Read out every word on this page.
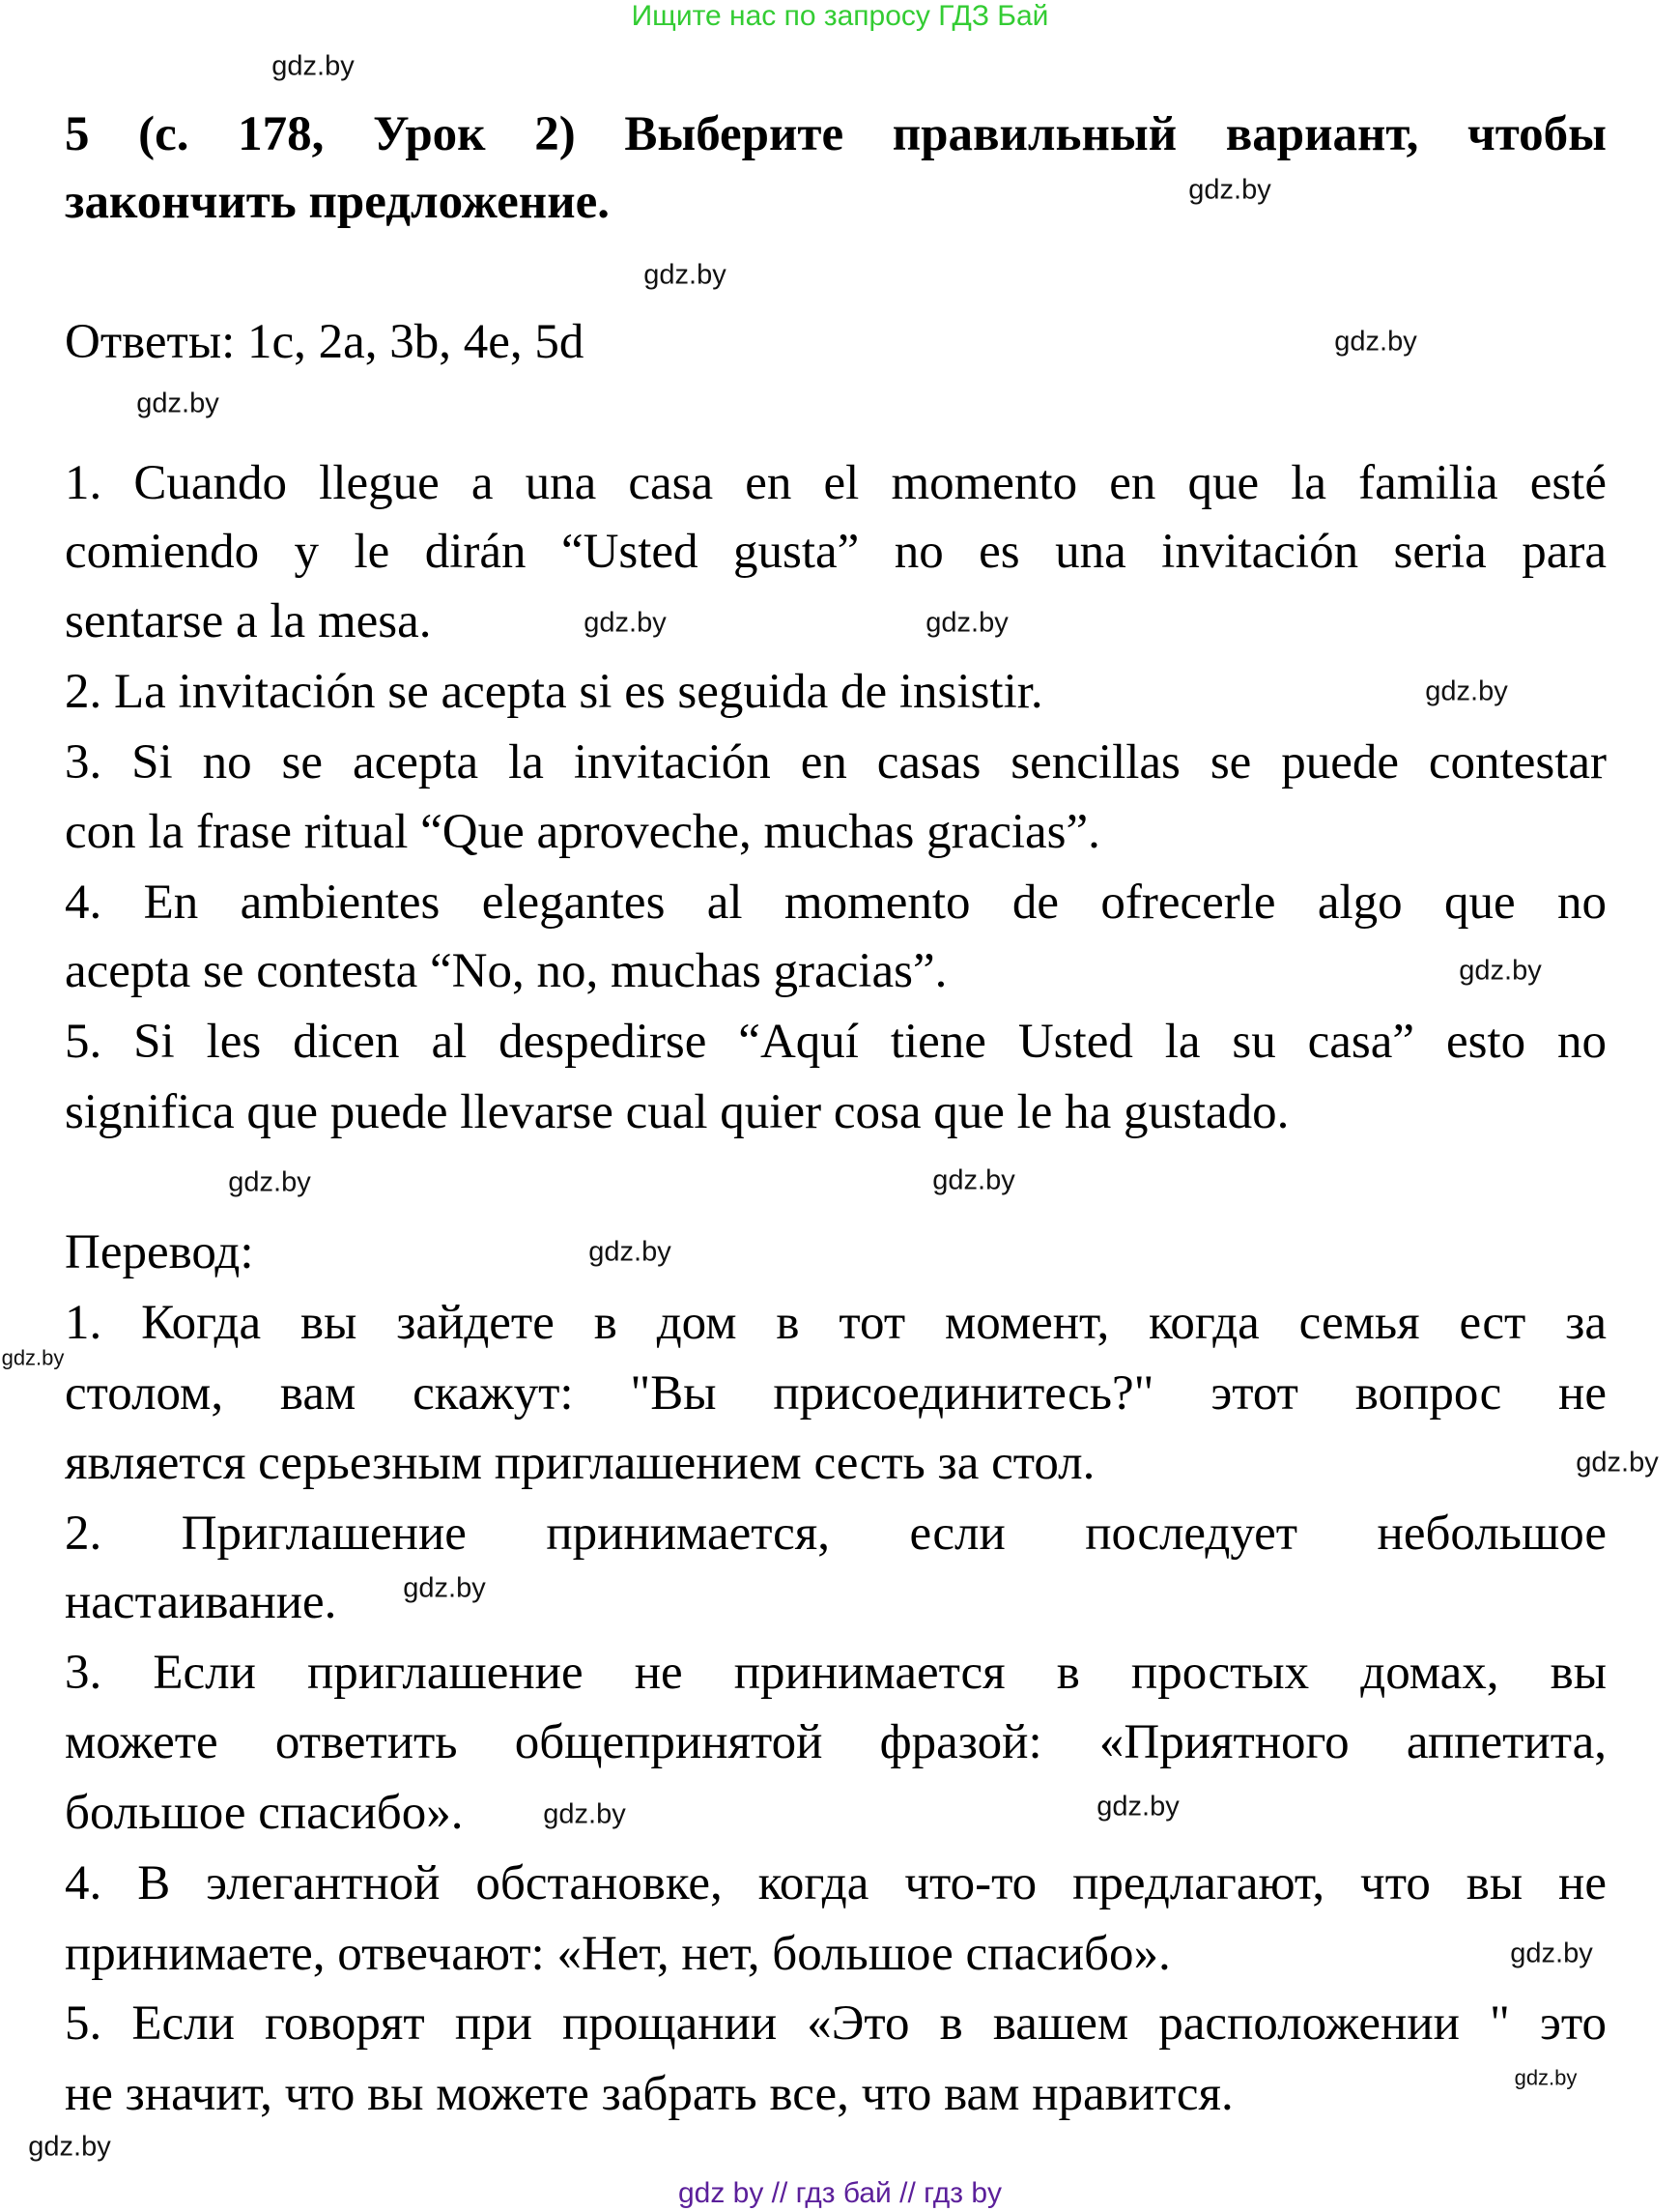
Ищите нас по запросу ГДЗ Бай
5 (с. 178, Урок 2) Выберите правильный вариант, чтобы
закончить предложение.
Ответы: 1c, 2a, 3b, 4e, 5d
1. Cuando llegue a una casa en el momento en que la familia esté
comiendo y le dirán “Usted gusta” no es una invitación seria para
sentarse a la mesa.
2. La invitación se acepta si es seguida de insistir.
3. Si no se acepta la invitación en casas sencillas se puede contestar
con la frase ritual “Que aproveche, muchas gracias”.
4. En ambientes elegantes al momento de ofrecerle algo que no
acepta se contesta “No, no, muchas gracias”.
5. Si les dicen al despedirse “Aquí tiene Usted la su casa” esto no
significa que puede llevarse cual quier cosa que le ha gustado.
Перевод:
1. Когда вы зайдете в дом в тот момент, когда семья ест за
столом, вам скажут: "Вы присоединитесь?" этот вопрос не
является серьезным приглашением сесть за стол.
2. Приглашение принимается, если последует небольшое
настаивание.
3. Если приглашение не принимается в простых домах, вы
можете ответить общепринятой фразой: «Приятного аппетита,
большое спасибо».
4. В элегантной обстановке, когда что-то предлагают, что вы не
принимаете, отвечают: «Нет, нет, большое спасибо».
5. Если говорят при прощании «Это в вашем расположении " это
не значит, что вы можете забрать все, что вам нравится.
gdz.by
gdz.by
gdz.by
gdz.by
gdz.by
gdz.by	gdz.by
gdz.by
gdz.by
gdz.by
gdz.by
gdz.by
gdz.by
gdz.by
gdz.by
gdz.by
gdz.by
gdz.by
gdz.by
gdz.by
gdz by // гдз бай // гдз by
